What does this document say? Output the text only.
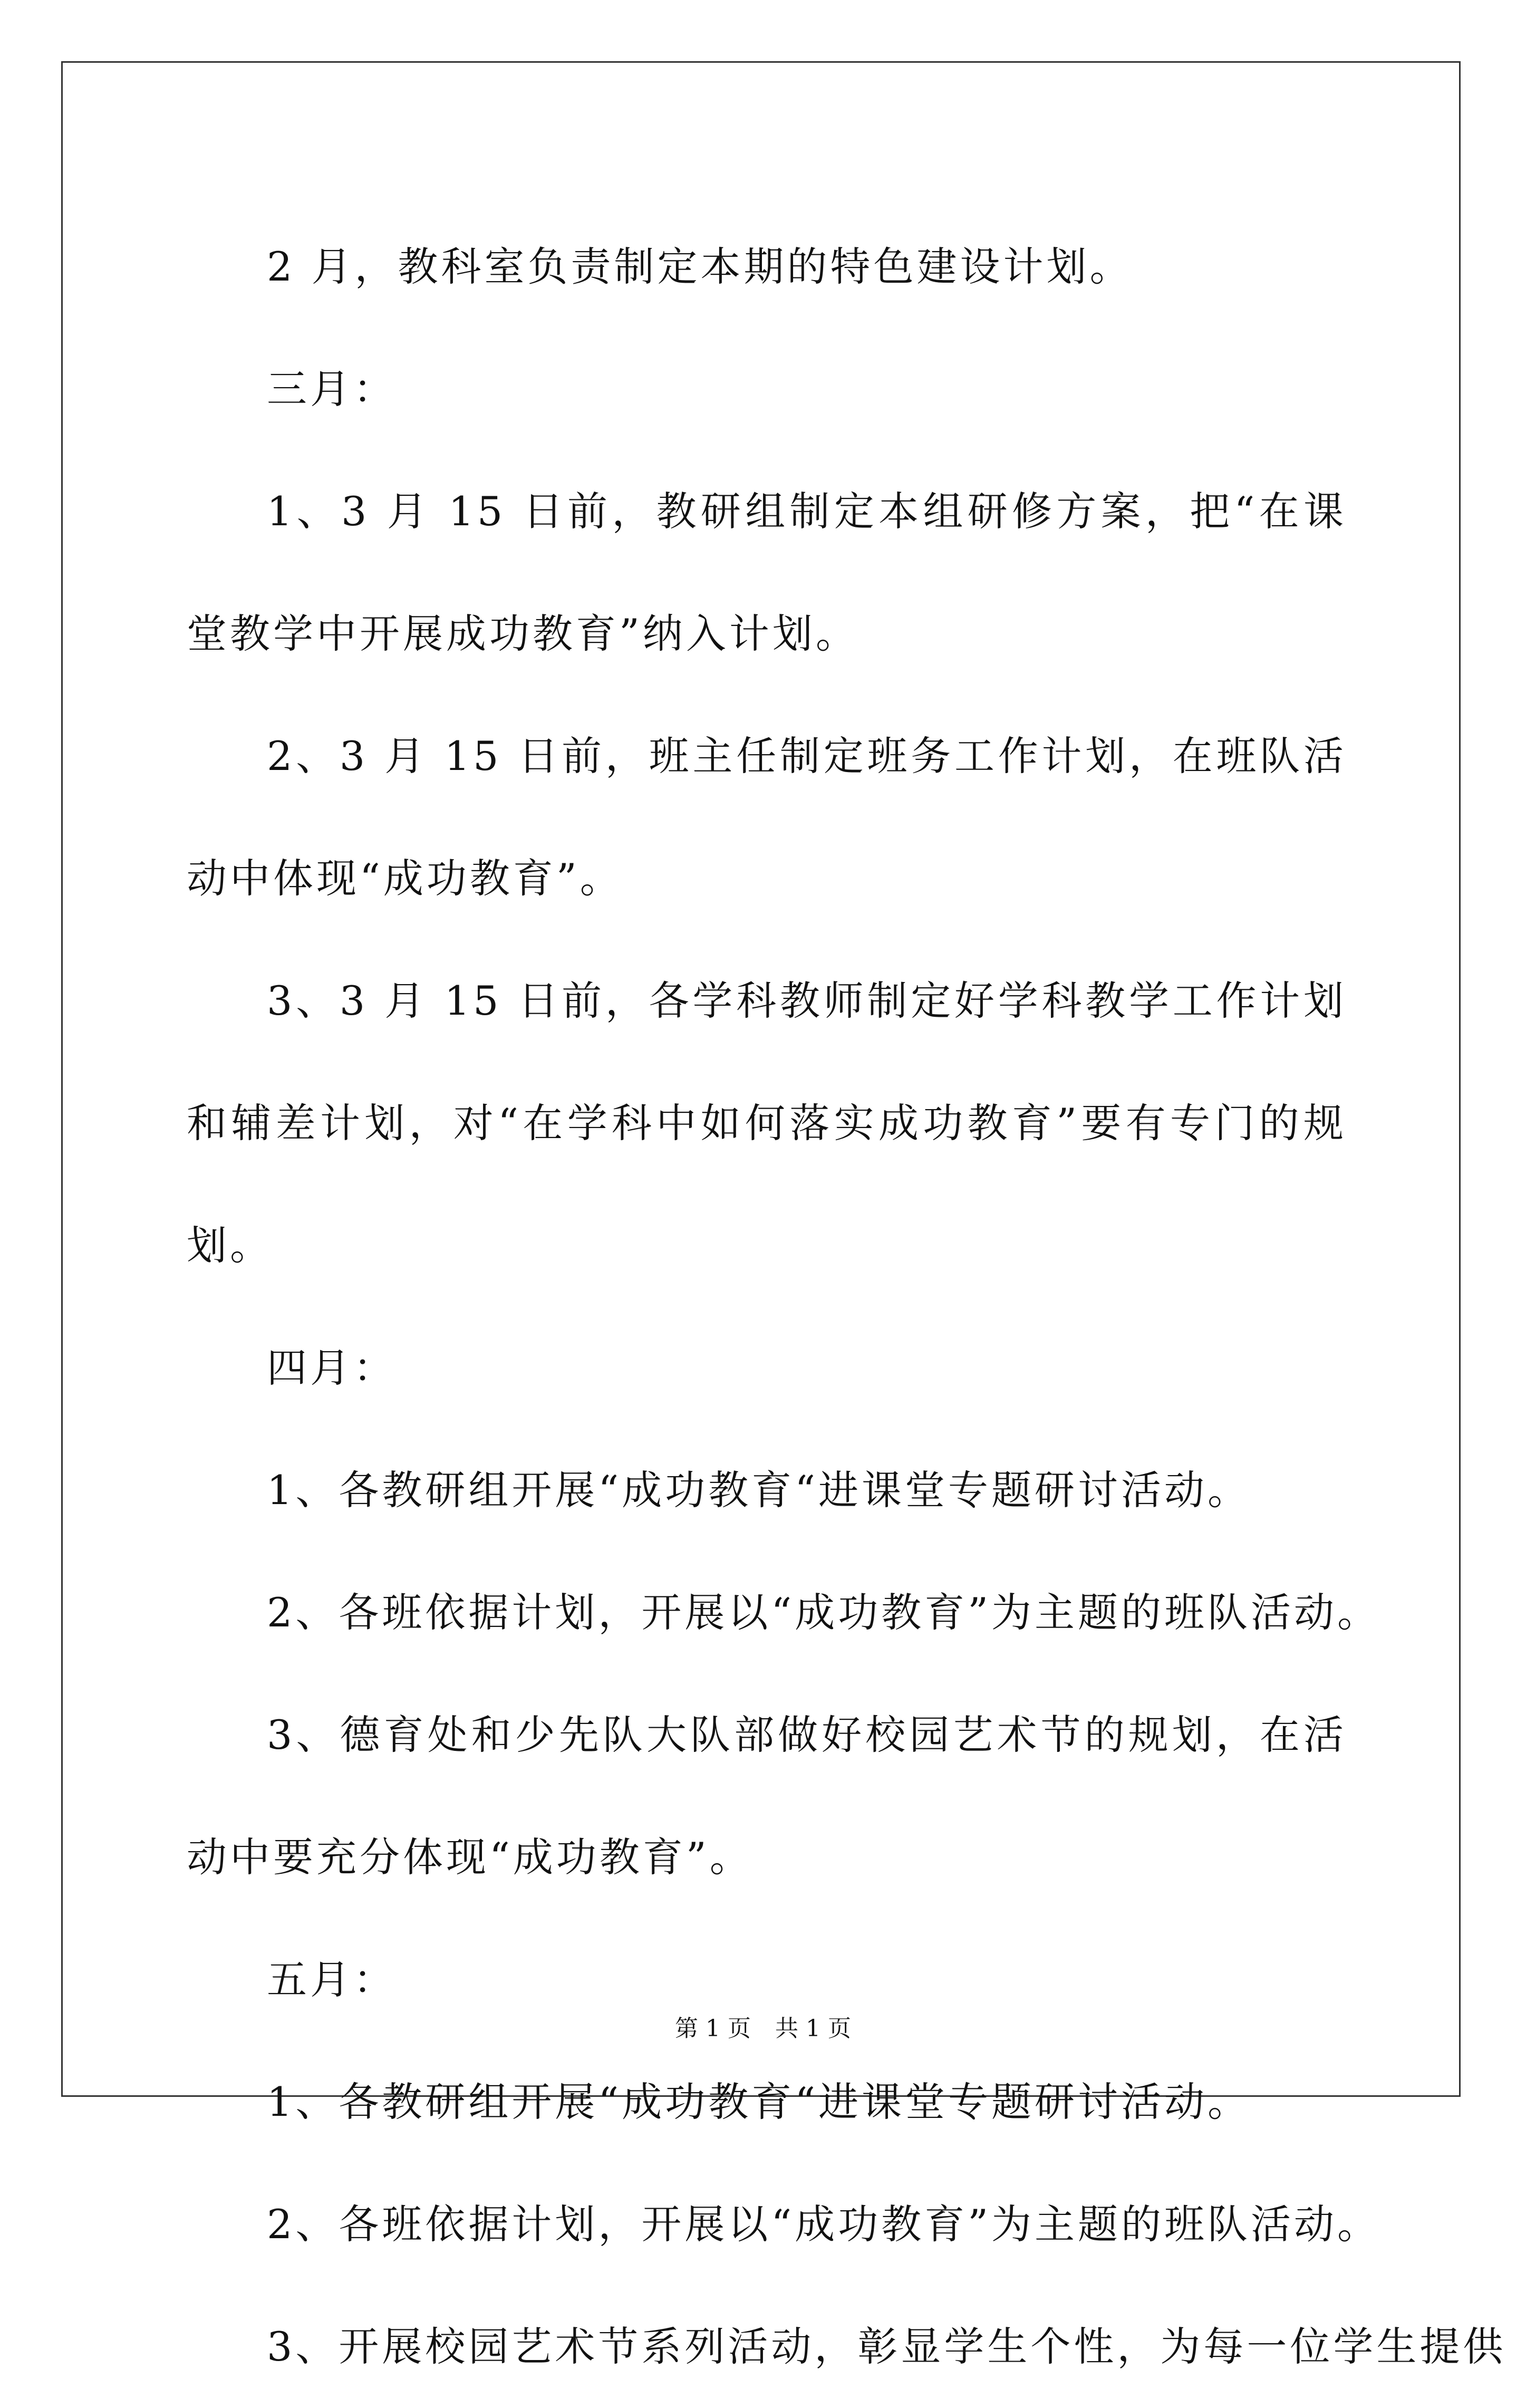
2 月，教科室负责制定本期的特色建设计划。

三月：

1、3 月 15 日前，教研组制定本组研修方案，把“在课堂教学中开展成功教育”纳入计划。

2、3 月 15 日前，班主任制定班务工作计划，在班队活动中体现“成功教育”。

3、3 月 15 日前，各学科教师制定好学科教学工作计划和辅差计划，对“在学科中如何落实成功教育”要有专门的规划。

四月：

1、各教研组开展“成功教育“进课堂专题研讨活动。

2、各班依据计划，开展以“成功教育”为主题的班队活动。

3、德育处和少先队大队部做好校园艺术节的规划，在活动中要充分体现“成功教育”。

五月：

1、各教研组开展“成功教育“进课堂专题研讨活动。

2、各班依据计划，开展以“成功教育”为主题的班队活动。

3、开展校园艺术节系列活动，彰显学生个性，为每一位学生提供

第 1 页 共 1 页
